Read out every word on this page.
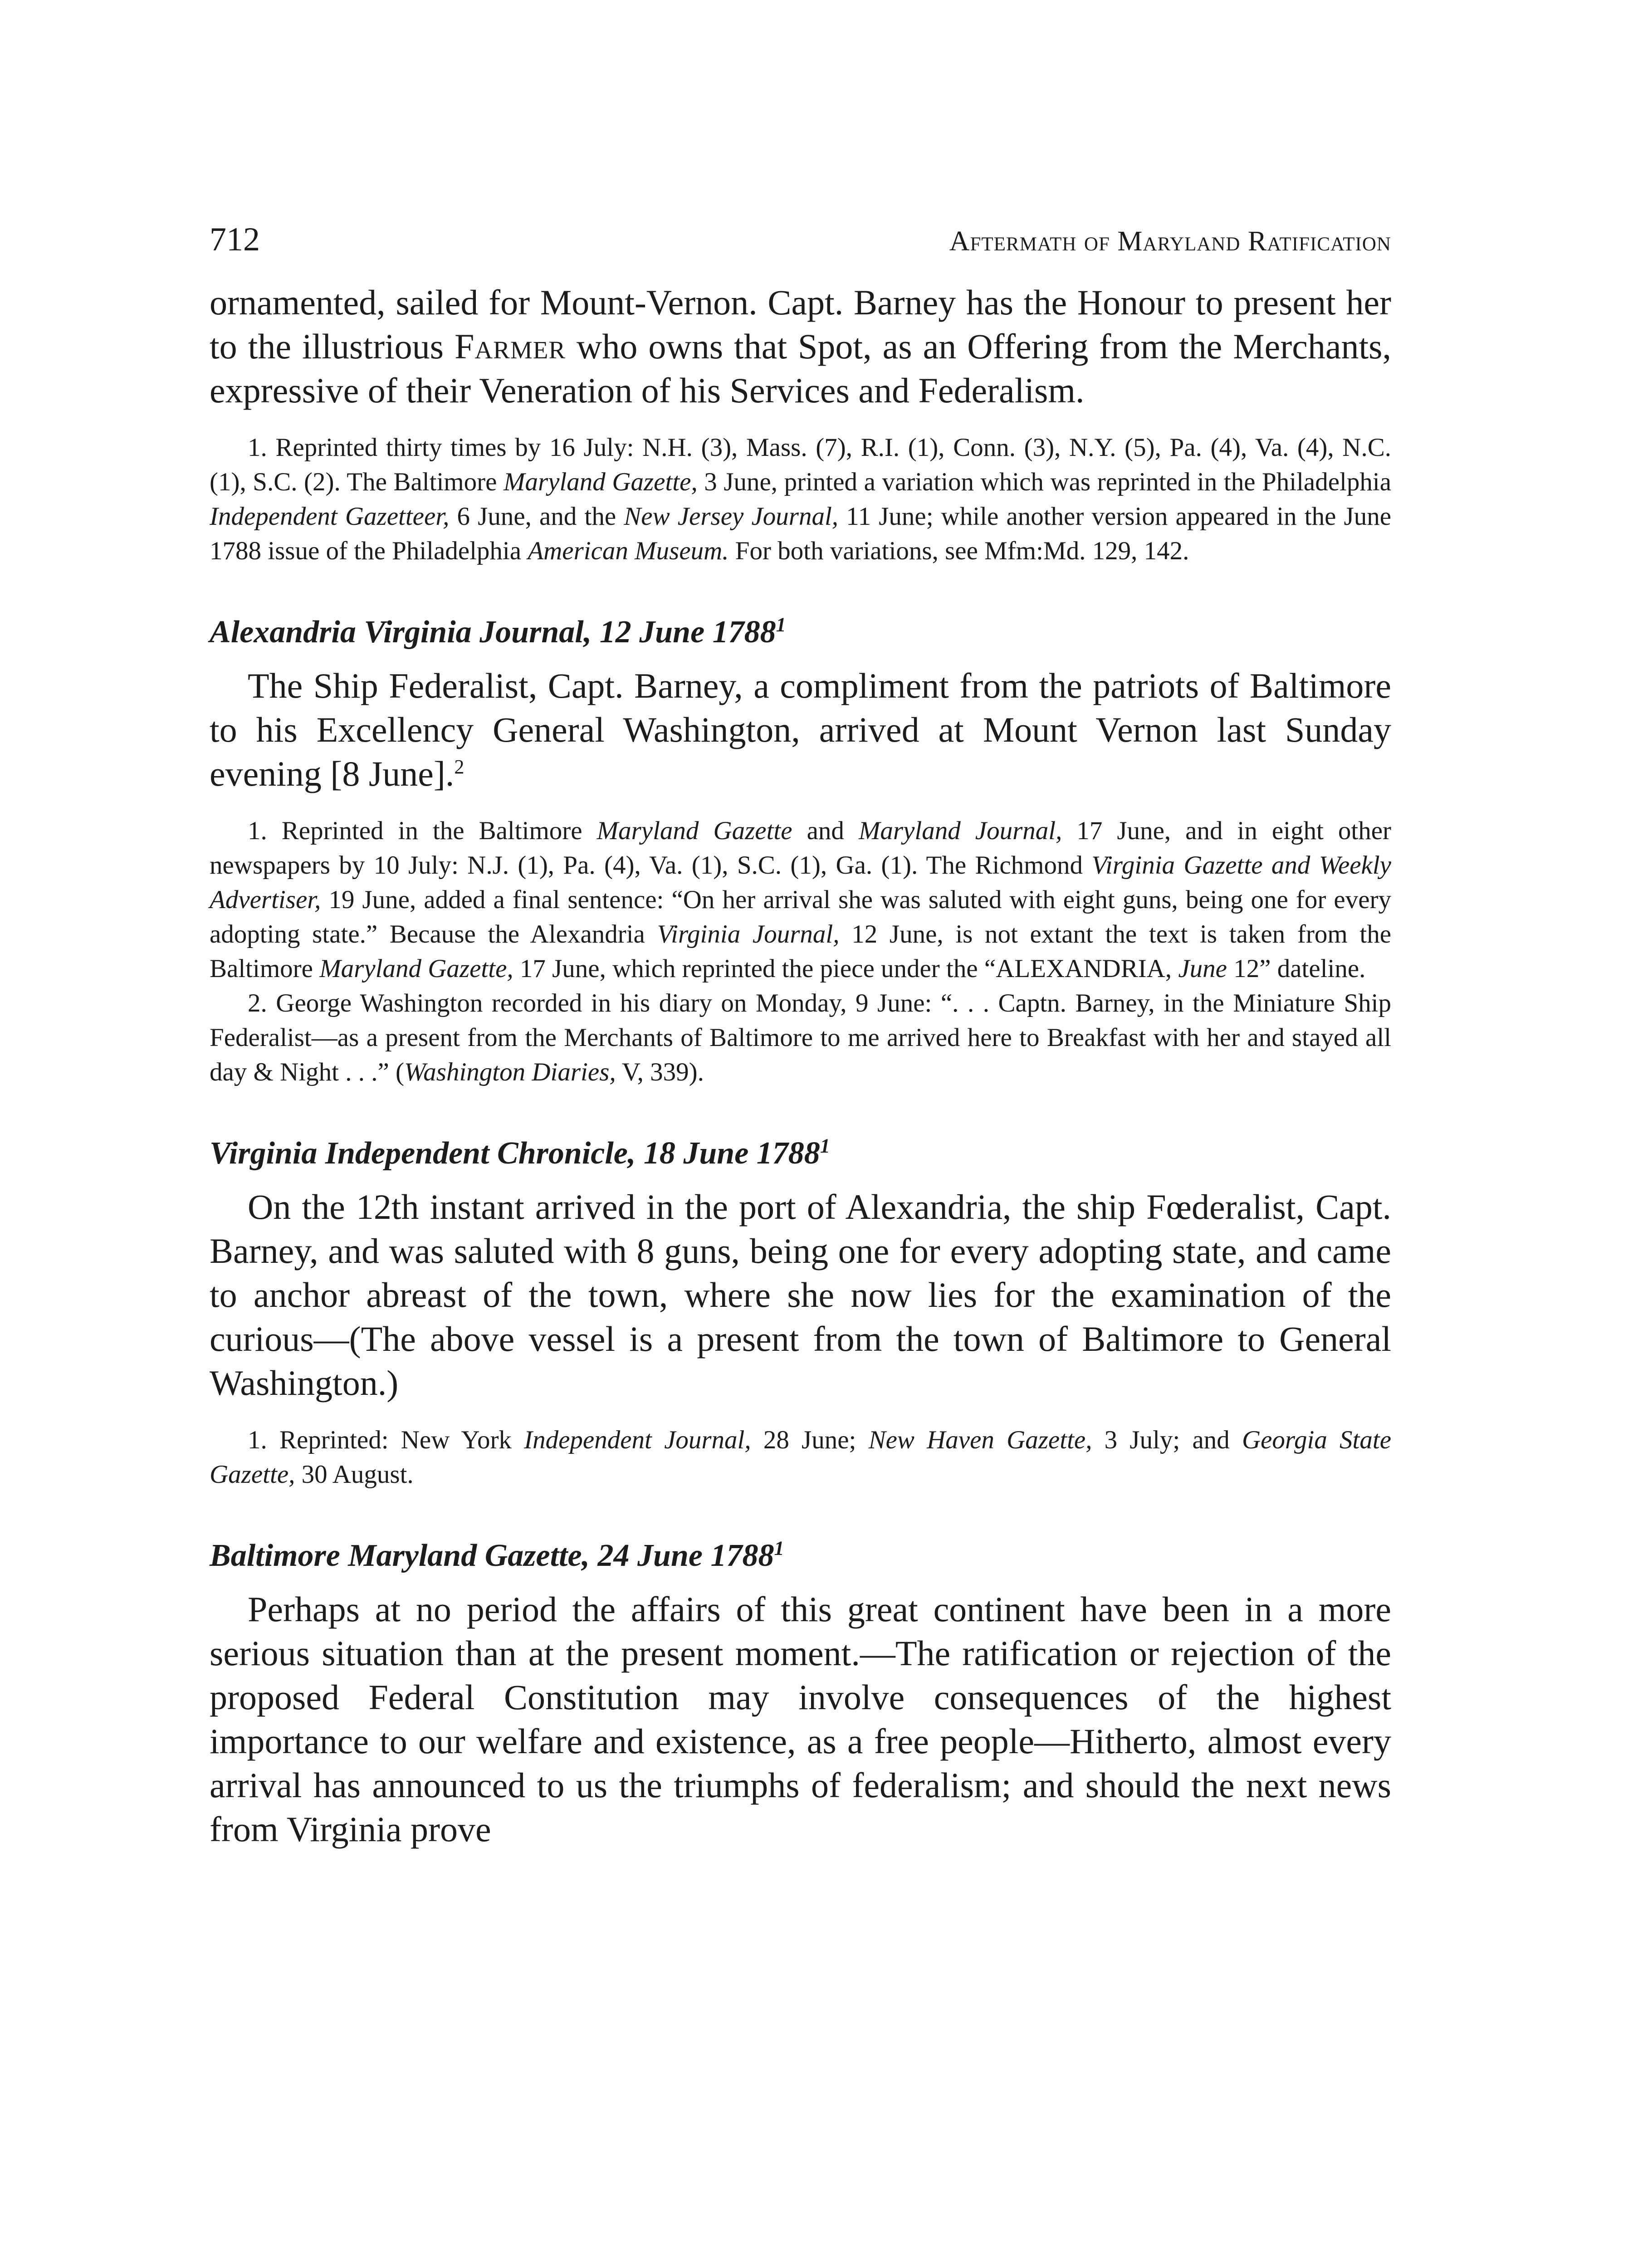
712	Aftermath of Maryland Ratification

ornamented, sailed for Mount-Vernon. Capt. Barney has the Honour to present her to the illustrious Farmer who owns that Spot, as an Offering from the Merchants, expressive of their Veneration of his Services and Federalism.

1. Reprinted thirty times by 16 July: N.H. (3), Mass. (7), R.I. (1), Conn. (3), N.Y. (5), Pa. (4), Va. (4), N.C. (1), S.C. (2). The Baltimore Maryland Gazette, 3 June, printed a variation which was reprinted in the Philadelphia Independent Gazetteer, 6 June, and the New Jersey Journal, 11 June; while another version appeared in the June 1788 issue of the Philadelphia American Museum. For both variations, see Mfm:Md. 129, 142.

Alexandria Virginia Journal, 12 June 1788$^1$

The Ship Federalist, Capt. Barney, a compliment from the patriots of Baltimore to his Excellency General Washington, arrived at Mount Vernon last Sunday evening [8 June].$^2$

1. Reprinted in the Baltimore Maryland Gazette and Maryland Journal, 17 June, and in eight other newspapers by 10 July: N.J. (1), Pa. (4), Va. (1), S.C. (1), Ga. (1). The Richmond Virginia Gazette and Weekly Advertiser, 19 June, added a final sentence: “On her arrival she was saluted with eight guns, being one for every adopting state.” Because the Alexandria Virginia Journal, 12 June, is not extant the text is taken from the Baltimore Maryland Gazette, 17 June, which reprinted the piece under the “ALEXANDRIA, June 12” dateline.

2. George Washington recorded in his diary on Monday, 9 June: “. . . Captn. Barney, in the Miniature Ship Federalist—as a present from the Merchants of Baltimore to me arrived here to Breakfast with her and stayed all day & Night . . .” (Washington Diaries, V, 339).

Virginia Independent Chronicle, 18 June 1788$^1$

On the 12th instant arrived in the port of Alexandria, the ship Fœderalist, Capt. Barney, and was saluted with 8 guns, being one for every adopting state, and came to anchor abreast of the town, where she now lies for the examination of the curious—(The above vessel is a present from the town of Baltimore to General Washington.)

1. Reprinted: New York Independent Journal, 28 June; New Haven Gazette, 3 July; and Georgia State Gazette, 30 August.

Baltimore Maryland Gazette, 24 June 1788$^1$

Perhaps at no period the affairs of this great continent have been in a more serious situation than at the present moment.—The ratification or rejection of the proposed Federal Constitution may involve consequences of the highest importance to our welfare and existence, as a free people—Hitherto, almost every arrival has announced to us the triumphs of federalism; and should the next news from Virginia prove
